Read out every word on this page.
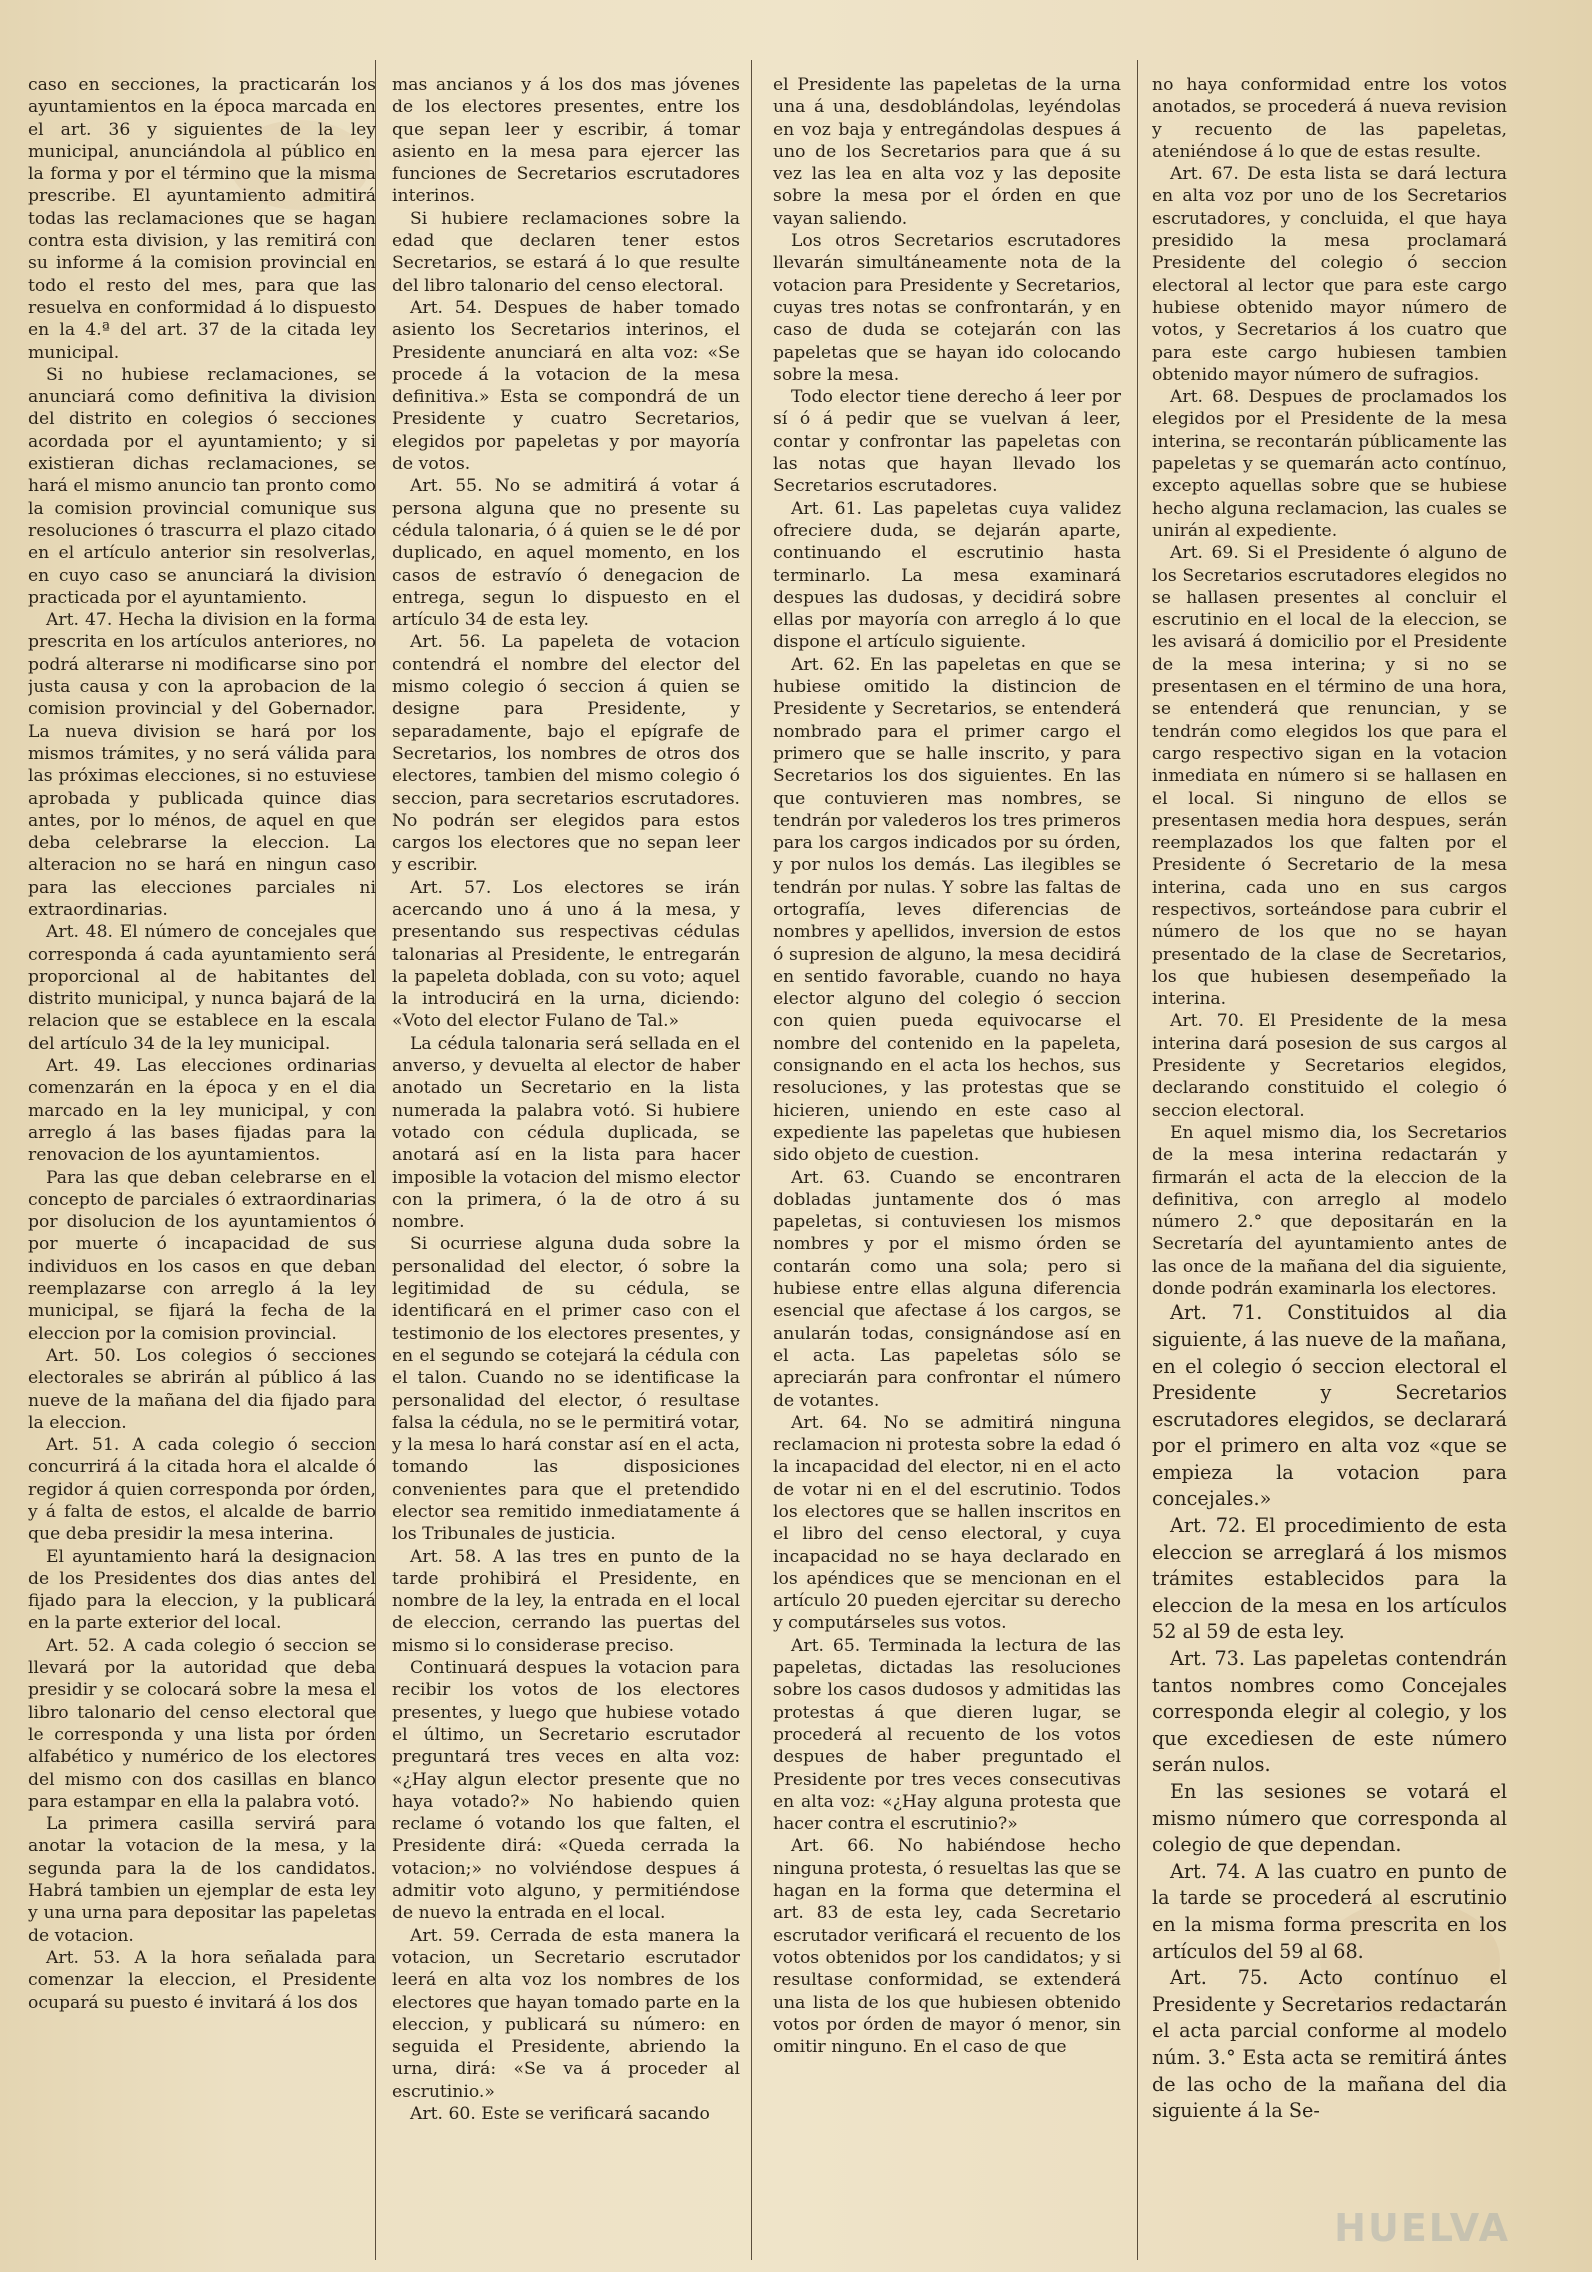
caso en secciones, la practicarán los ayuntamientos en la época marcada en el art. 36 y siguientes de la ley municipal, anunciándola al público en la forma y por el término que la misma prescribe. El ayuntamiento admitirá todas las reclamaciones que se hagan contra esta division, y las remitirá con su informe á la comision provincial en todo el resto del mes, para que las resuelva en conformidad á lo dispuesto en la 4.ª del art. 37 de la citada ley municipal.

Si no hubiese reclamaciones, se anunciará como definitiva la division del distrito en colegios ó secciones acordada por el ayuntamiento; y si existieran dichas reclamaciones, se hará el mismo anuncio tan pronto como la comision provincial comunique sus resoluciones ó trascurra el plazo citado en el artículo anterior sin resolverlas, en cuyo caso se anunciará la division practicada por el ayuntamiento.

Art. 47. Hecha la division en la forma prescrita en los artículos anteriores, no podrá alterarse ni modificarse sino por justa causa y con la aprobacion de la comision provincial y del Gobernador. La nueva division se hará por los mismos trámites, y no será válida para las próximas elecciones, si no estuviese aprobada y publicada quince dias antes, por lo ménos, de aquel en que deba celebrarse la eleccion. La alteracion no se hará en ningun caso para las elecciones parciales ni extraordinarias.

Art. 48. El número de concejales que corresponda á cada ayuntamiento será proporcional al de habitantes del distrito municipal, y nunca bajará de la relacion que se establece en la escala del artículo 34 de la ley municipal.

Art. 49. Las elecciones ordinarias comenzarán en la época y en el dia marcado en la ley municipal, y con arreglo á las bases fijadas para la renovacion de los ayuntamientos.

Para las que deban celebrarse en el concepto de parciales ó extraordinarias por disolucion de los ayuntamientos ó por muerte ó incapacidad de sus individuos en los casos en que deban reemplazarse con arreglo á la ley municipal, se fijará la fecha de la eleccion por la comision provincial.

Art. 50. Los colegios ó secciones electorales se abrirán al público á las nueve de la mañana del dia fijado para la eleccion.

Art. 51. A cada colegio ó seccion concurrirá á la citada hora el alcalde ó regidor á quien corresponda por órden, y á falta de estos, el alcalde de barrio que deba presidir la mesa interina.

El ayuntamiento hará la designacion de los Presidentes dos dias antes del fijado para la eleccion, y la publicará en la parte exterior del local.

Art. 52. A cada colegio ó seccion se llevará por la autoridad que deba presidir y se colocará sobre la mesa el libro talonario del censo electoral que le corresponda y una lista por órden alfabético y numérico de los electores del mismo con dos casillas en blanco para estampar en ella la palabra votó.

La primera casilla servirá para anotar la votacion de la mesa, y la segunda para la de los candidatos. Habrá tambien un ejemplar de esta ley y una urna para depositar las papeletas de votacion.

Art. 53. A la hora señalada para comenzar la eleccion, el Presidente ocupará su puesto é invitará á los dos

mas ancianos y á los dos mas jóvenes de los electores presentes, entre los que sepan leer y escribir, á tomar asiento en la mesa para ejercer las funciones de Secretarios escrutadores interinos.

Si hubiere reclamaciones sobre la edad que declaren tener estos Secretarios, se estará á lo que resulte del libro talonario del censo electoral.

Art. 54. Despues de haber tomado asiento los Secretarios interinos, el Presidente anunciará en alta voz: «Se procede á la votacion de la mesa definitiva.» Esta se compondrá de un Presidente y cuatro Secretarios, elegidos por papeletas y por mayoría de votos.

Art. 55. No se admitirá á votar á persona alguna que no presente su cédula talonaria, ó á quien se le dé por duplicado, en aquel momento, en los casos de estravío ó denegacion de entrega, segun lo dispuesto en el artículo 34 de esta ley.

Art. 56. La papeleta de votacion contendrá el nombre del elector del mismo colegio ó seccion á quien se designe para Presidente, y separadamente, bajo el epígrafe de Secretarios, los nombres de otros dos electores, tambien del mismo colegio ó seccion, para secretarios escrutadores. No podrán ser elegidos para estos cargos los electores que no sepan leer y escribir.

Art. 57. Los electores se irán acercando uno á uno á la mesa, y presentando sus respectivas cédulas talonarias al Presidente, le entregarán la papeleta doblada, con su voto; aquel la introducirá en la urna, diciendo: «Voto del elector Fulano de Tal.»

La cédula talonaria será sellada en el anverso, y devuelta al elector de haber anotado un Secretario en la lista numerada la palabra votó. Si hubiere votado con cédula duplicada, se anotará así en la lista para hacer imposible la votacion del mismo elector con la primera, ó la de otro á su nombre.

Si ocurriese alguna duda sobre la personalidad del elector, ó sobre la legitimidad de su cédula, se identificará en el primer caso con el testimonio de los electores presentes, y en el segundo se cotejará la cédula con el talon. Cuando no se identificase la personalidad del elector, ó resultase falsa la cédula, no se le permitirá votar, y la mesa lo hará constar así en el acta, tomando las disposiciones convenientes para que el pretendido elector sea remitido inmediatamente á los Tribunales de justicia.

Art. 58. A las tres en punto de la tarde prohibirá el Presidente, en nombre de la ley, la entrada en el local de eleccion, cerrando las puertas del mismo si lo considerase preciso.

Continuará despues la votacion para recibir los votos de los electores presentes, y luego que hubiese votado el último, un Secretario escrutador preguntará tres veces en alta voz: «¿Hay algun elector presente que no haya votado?» No habiendo quien reclame ó votando los que falten, el Presidente dirá: «Queda cerrada la votacion;» no volviéndose despues á admitir voto alguno, y permitiéndose de nuevo la entrada en el local.

Art. 59. Cerrada de esta manera la votacion, un Secretario escrutador leerá en alta voz los nombres de los electores que hayan tomado parte en la eleccion, y publicará su número: en seguida el Presidente, abriendo la urna, dirá: «Se va á proceder al escrutinio.»

Art. 60. Este se verificará sacando

el Presidente las papeletas de la urna una á una, desdoblándolas, leyéndolas en voz baja y entregándolas despues á uno de los Secretarios para que á su vez las lea en alta voz y las deposite sobre la mesa por el órden en que vayan saliendo.

Los otros Secretarios escrutadores llevarán simultáneamente nota de la votacion para Presidente y Secretarios, cuyas tres notas se confrontarán, y en caso de duda se cotejarán con las papeletas que se hayan ido colocando sobre la mesa.

Todo elector tiene derecho á leer por sí ó á pedir que se vuelvan á leer, contar y confrontar las papeletas con las notas que hayan llevado los Secretarios escrutadores.

Art. 61. Las papeletas cuya validez ofreciere duda, se dejarán aparte, continuando el escrutinio hasta terminarlo. La mesa examinará despues las dudosas, y decidirá sobre ellas por mayoría con arreglo á lo que dispone el artículo siguiente.

Art. 62. En las papeletas en que se hubiese omitido la distincion de Presidente y Secretarios, se entenderá nombrado para el primer cargo el primero que se halle inscrito, y para Secretarios los dos siguientes. En las que contuvieren mas nombres, se tendrán por valederos los tres primeros para los cargos indicados por su órden, y por nulos los demás. Las ilegibles se tendrán por nulas. Y sobre las faltas de ortografía, leves diferencias de nombres y apellidos, inversion de estos ó supresion de alguno, la mesa decidirá en sentido favorable, cuando no haya elector alguno del colegio ó seccion con quien pueda equivocarse el nombre del contenido en la papeleta, consignando en el acta los hechos, sus resoluciones, y las protestas que se hicieren, uniendo en este caso al expediente las papeletas que hubiesen sido objeto de cuestion.

Art. 63. Cuando se encontraren dobladas juntamente dos ó mas papeletas, si contuviesen los mismos nombres y por el mismo órden se contarán como una sola; pero si hubiese entre ellas alguna diferencia esencial que afectase á los cargos, se anularán todas, consignándose así en el acta. Las papeletas sólo se apreciarán para confrontar el número de votantes.

Art. 64. No se admitirá ninguna reclamacion ni protesta sobre la edad ó la incapacidad del elector, ni en el acto de votar ni en el del escrutinio. Todos los electores que se hallen inscritos en el libro del censo electoral, y cuya incapacidad no se haya declarado en los apéndices que se mencionan en el artículo 20 pueden ejercitar su derecho y computárseles sus votos.

Art. 65. Terminada la lectura de las papeletas, dictadas las resoluciones sobre los casos dudosos y admitidas las protestas á que dieren lugar, se procederá al recuento de los votos despues de haber preguntado el Presidente por tres veces consecutivas en alta voz: «¿Hay alguna protesta que hacer contra el escrutinio?»

Art. 66. No habiéndose hecho ninguna protesta, ó resueltas las que se hagan en la forma que determina el art. 83 de esta ley, cada Secretario escrutador verificará el recuento de los votos obtenidos por los candidatos; y si resultase conformidad, se extenderá una lista de los que hubiesen obtenido votos por órden de mayor ó menor, sin omitir ninguno. En el caso de que

no haya conformidad entre los votos anotados, se procederá á nueva revision y recuento de las papeletas, ateniéndose á lo que de estas resulte.

Art. 67. De esta lista se dará lectura en alta voz por uno de los Secretarios escrutadores, y concluida, el que haya presidido la mesa proclamará Presidente del colegio ó seccion electoral al lector que para este cargo hubiese obtenido mayor número de votos, y Secretarios á los cuatro que para este cargo hubiesen tambien obtenido mayor número de sufragios.

Art. 68. Despues de proclamados los elegidos por el Presidente de la mesa interina, se recontarán públicamente las papeletas y se quemarán acto contínuo, excepto aquellas sobre que se hubiese hecho alguna reclamacion, las cuales se unirán al expediente.

Art. 69. Si el Presidente ó alguno de los Secretarios escrutadores elegidos no se hallasen presentes al concluir el escrutinio en el local de la eleccion, se les avisará á domicilio por el Presidente de la mesa interina; y si no se presentasen en el término de una hora, se entenderá que renuncian, y se tendrán como elegidos los que para el cargo respectivo sigan en la votacion inmediata en número si se hallasen en el local. Si ninguno de ellos se presentasen media hora despues, serán reemplazados los que falten por el Presidente ó Secretario de la mesa interina, cada uno en sus cargos respectivos, sorteándose para cubrir el número de los que no se hayan presentado de la clase de Secretarios, los que hubiesen desempeñado la interina.

Art. 70. El Presidente de la mesa interina dará posesion de sus cargos al Presidente y Secretarios elegidos, declarando constituido el colegio ó seccion electoral.

En aquel mismo dia, los Secretarios de la mesa interina redactarán y firmarán el acta de la eleccion de la definitiva, con arreglo al modelo número 2.° que depositarán en la Secretaría del ayuntamiento antes de las once de la mañana del dia siguiente, donde podrán examinarla los electores.

Art. 71. Constituidos al dia siguiente, á las nueve de la mañana, en el colegio ó seccion electoral el Presidente y Secretarios escrutadores elegidos, se declarará por el primero en alta voz «que se empieza la votacion para concejales.»

Art. 72. El procedimiento de esta eleccion se arreglará á los mismos trámites establecidos para la eleccion de la mesa en los artículos 52 al 59 de esta ley.

Art. 73. Las papeletas contendrán tantos nombres como Concejales corresponda elegir al colegio, y los que excediesen de este número serán nulos.

En las sesiones se votará el mismo número que corresponda al colegio de que dependan.

Art. 74. A las cuatro en punto de la tarde se procederá al escrutinio en la misma forma prescrita en los artículos del 59 al 68.

Art. 75. Acto contínuo el Presidente y Secretarios redactarán el acta parcial conforme al modelo núm. 3.° Esta acta se remitirá ántes de las ocho de la mañana del dia siguiente á la Se-

HUELVA
